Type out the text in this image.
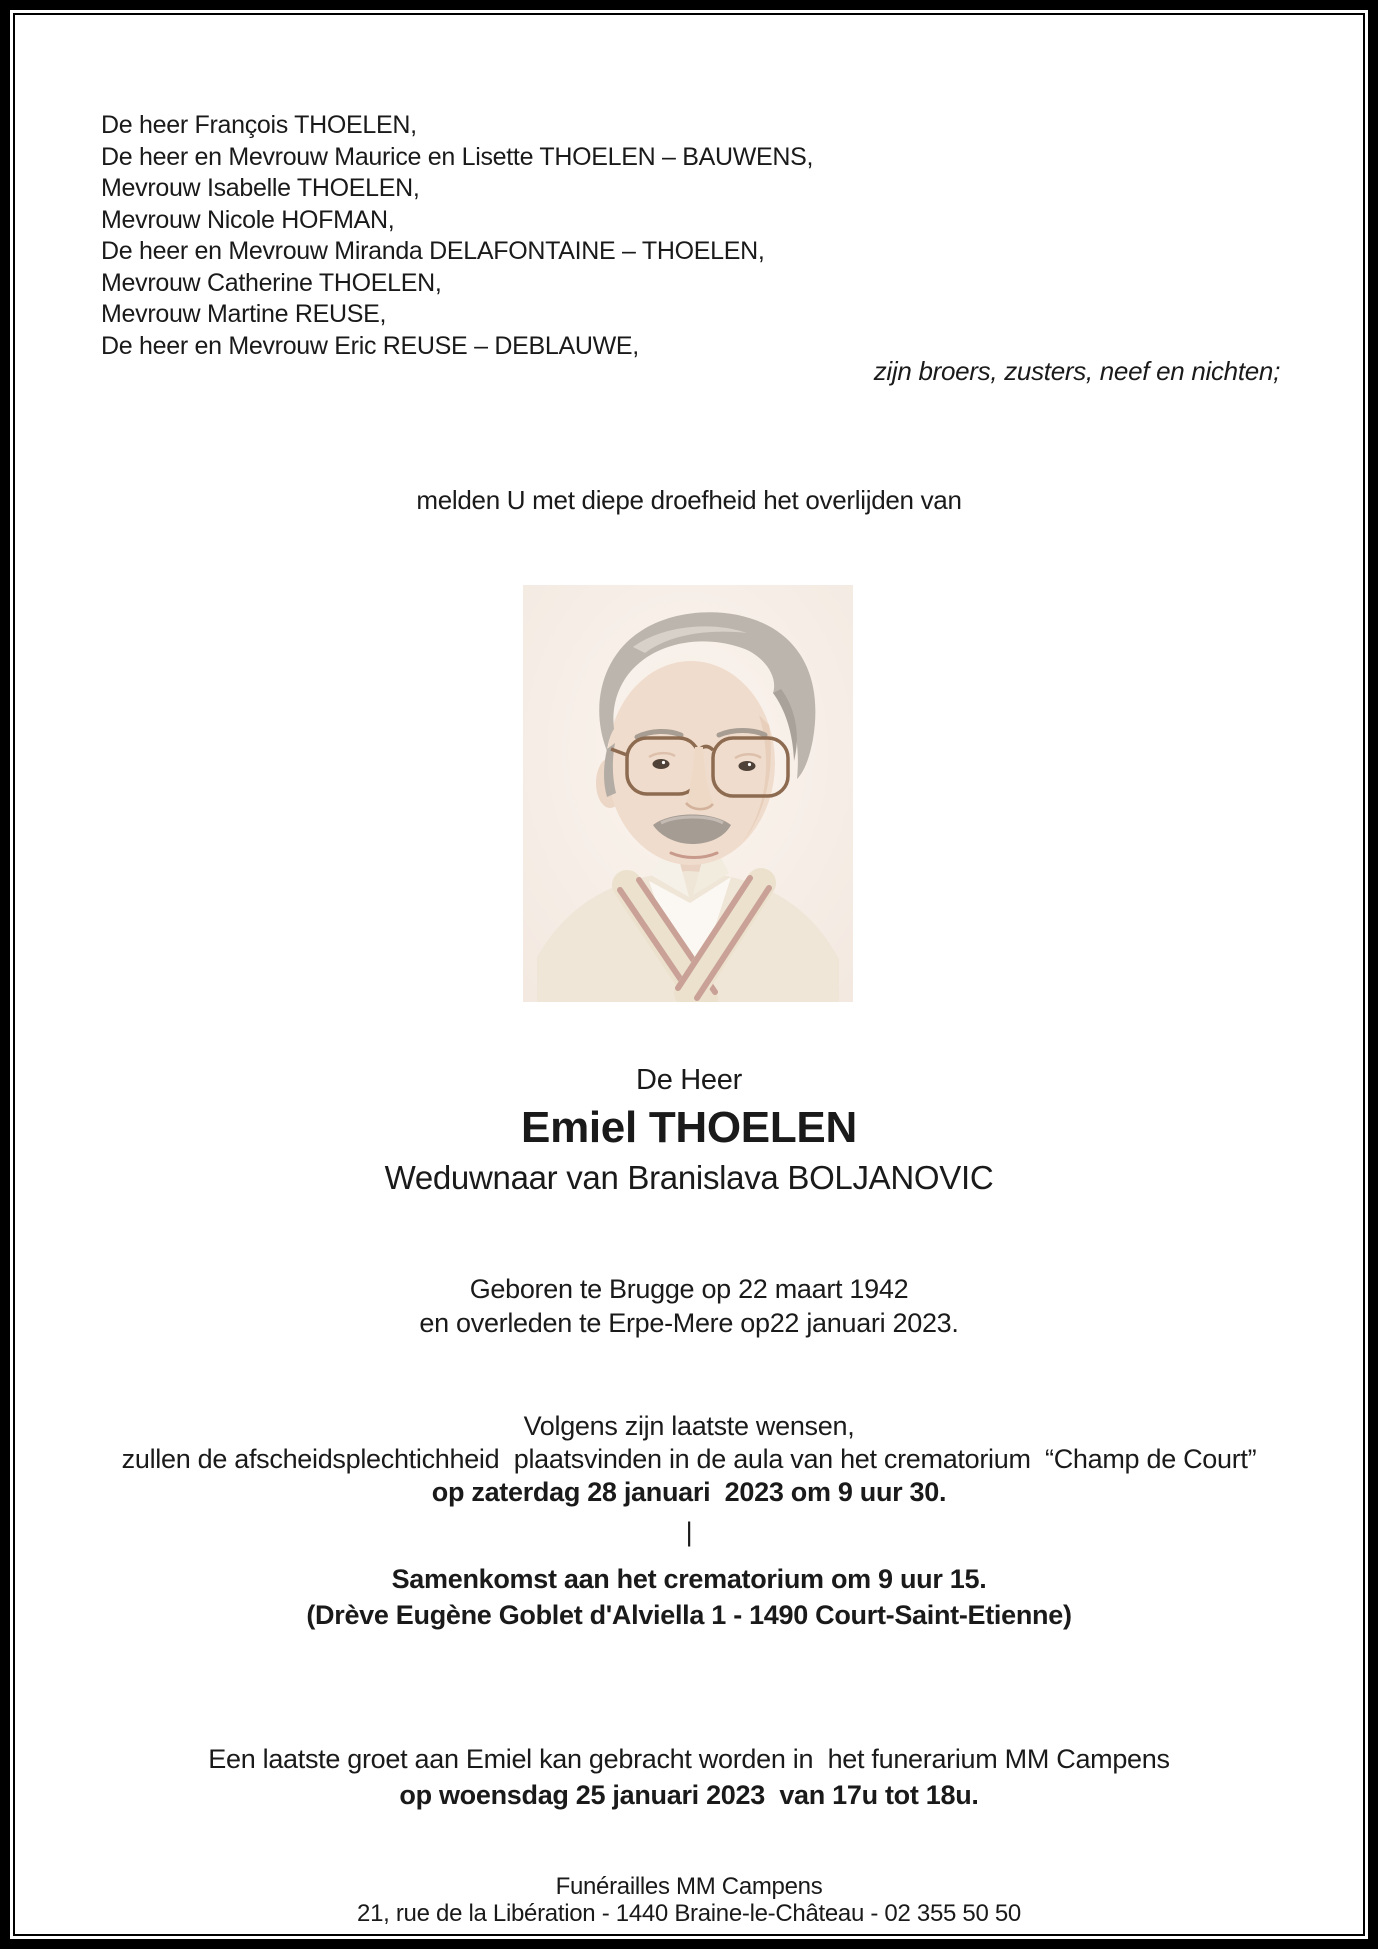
De heer François THOELEN,
De heer en Mevrouw Maurice en Lisette THOELEN – BAUWENS,
Mevrouw Isabelle THOELEN,
Mevrouw Nicole HOFMAN,
De heer en Mevrouw Miranda DELAFONTAINE – THOELEN,
Mevrouw Catherine THOELEN,
Mevrouw Martine REUSE,
De heer en Mevrouw Eric REUSE – DEBLAUWE,
zijn broers, zusters, neef en nichten;
melden U met diepe droefheid het overlijden van
De Heer
Emiel THOELEN
Weduwnaar van Branislava BOLJANOVIC
Geboren te Brugge op 22 maart 1942
en overleden te Erpe-Mere op22 januari 2023.
Volgens zijn laatste wensen,
zullen de afscheidsplechtichheid  plaatsvinden in de aula van het crematorium  “Champ de Court”
op zaterdag 28 januari  2023 om 9 uur 30.
|
Samenkomst aan het crematorium om 9 uur 15.
(Drève Eugène Goblet d'Alviella 1 - 1490 Court-Saint-Etienne)
Een laatste groet aan Emiel kan gebracht worden in  het funerarium MM Campens
op woensdag 25 januari 2023  van 17u tot 18u.
Funérailles MM Campens
21, rue de la Libération - 1440 Braine-le-Château - 02 355 50 50
